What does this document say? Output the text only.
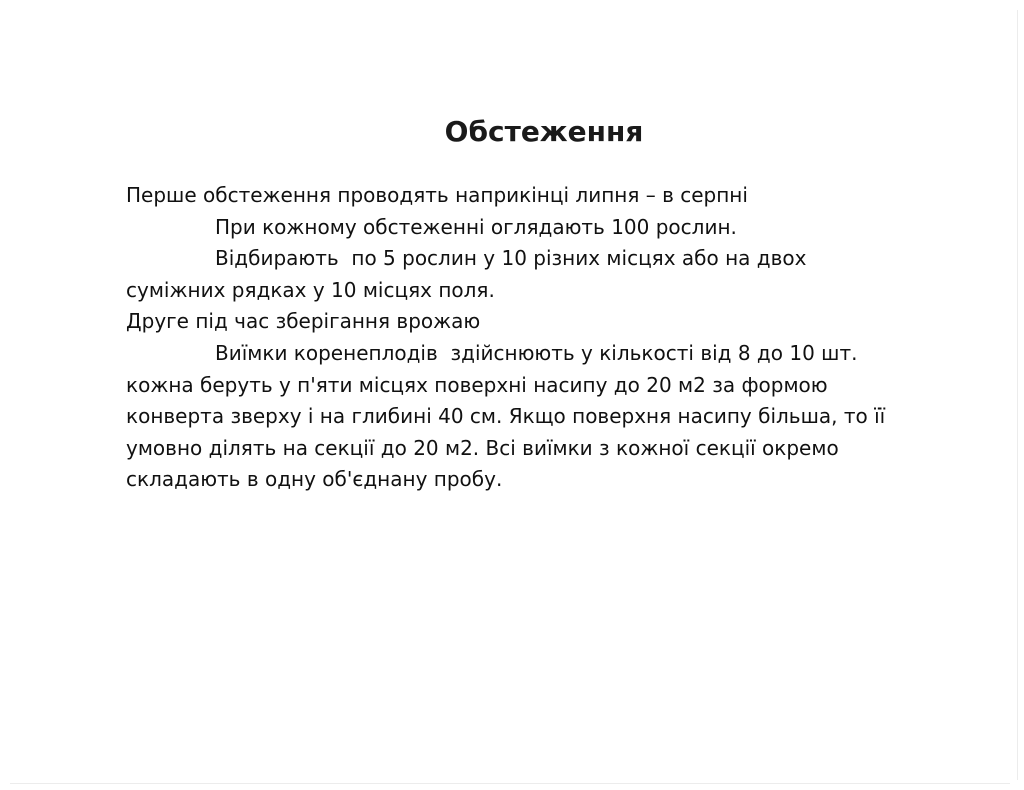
Обстеження
Перше обстеження проводять наприкінці липня – в серпні
При кожному обстеженні оглядають 100 рослин.
Відбирають  по 5 рослин у 10 різних місцях або на двох
суміжних рядках у 10 місцях поля.
Друге під час зберігання врожаю
Виїмки коренеплодів  здійснюють у кількості від 8 до 10 шт.
кожна беруть у п'яти місцях поверхні насипу до 20 м2 за формою
конверта зверху і на глибині 40 см. Якщо поверхня насипу більша, то її
умовно ділять на секції до 20 м2. Всі виїмки з кожної секції окремо
складають в одну об'єднану пробу.
